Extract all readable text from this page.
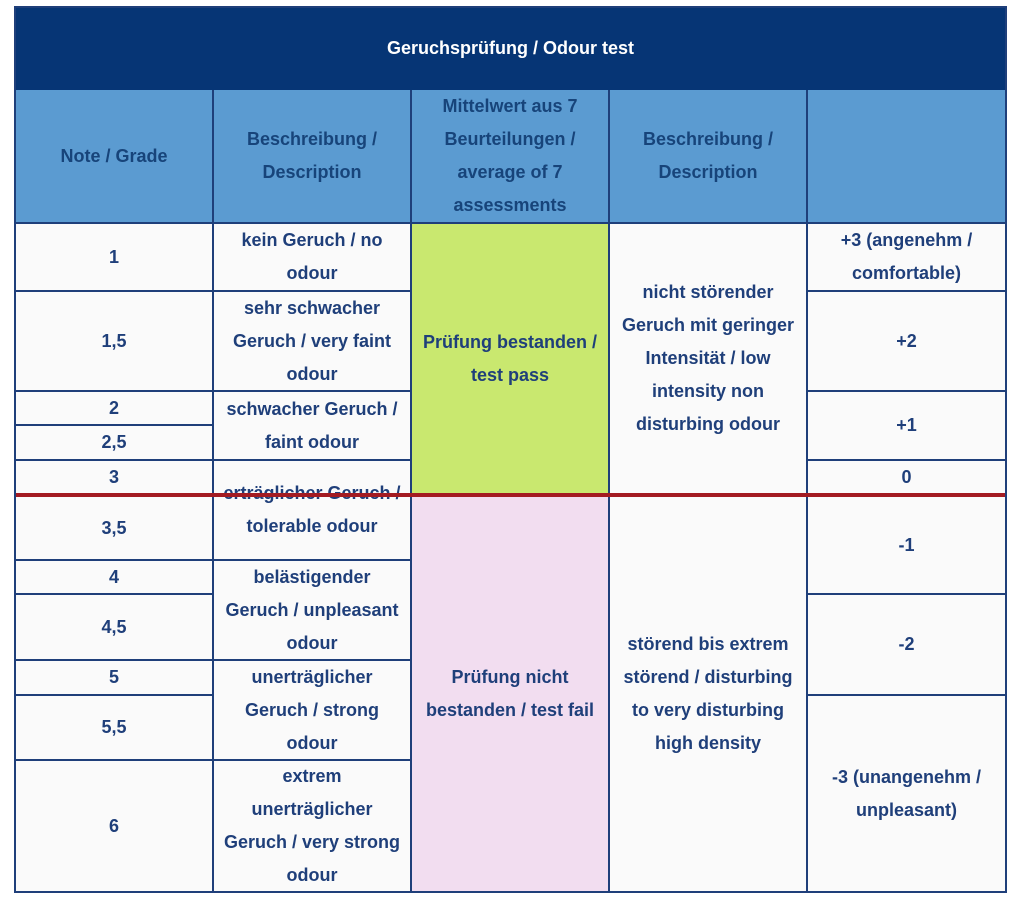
Geruchsprüfung / Odour test
Note / Grade
Beschreibung / Description
Mittelwert aus 7 Beurteilungen / average of 7 assessments
Beschreibung / Description
1
1,5
2
2,5
3
3,5
4
4,5
5
5,5
6
kein Geruch / no odour
sehr schwacher Geruch / very faint odour
schwacher Geruch / faint odour
tolerable odour
belästigender Geruch / unpleasant odour
unerträglicher Geruch / strong odour
extrem unerträglicher Geruch / very strong odour
Prüfung bestanden / test pass
Prüfung nicht bestanden / test fail
nicht störender Geruch mit geringer Intensität / low intensity non disturbing odour
störend bis extrem störend / disturbing to very disturbing high density
+3 (angenehm / comfortable)
+2
+1
0
-1
-2
-3 (unangenehm / unpleasant)
